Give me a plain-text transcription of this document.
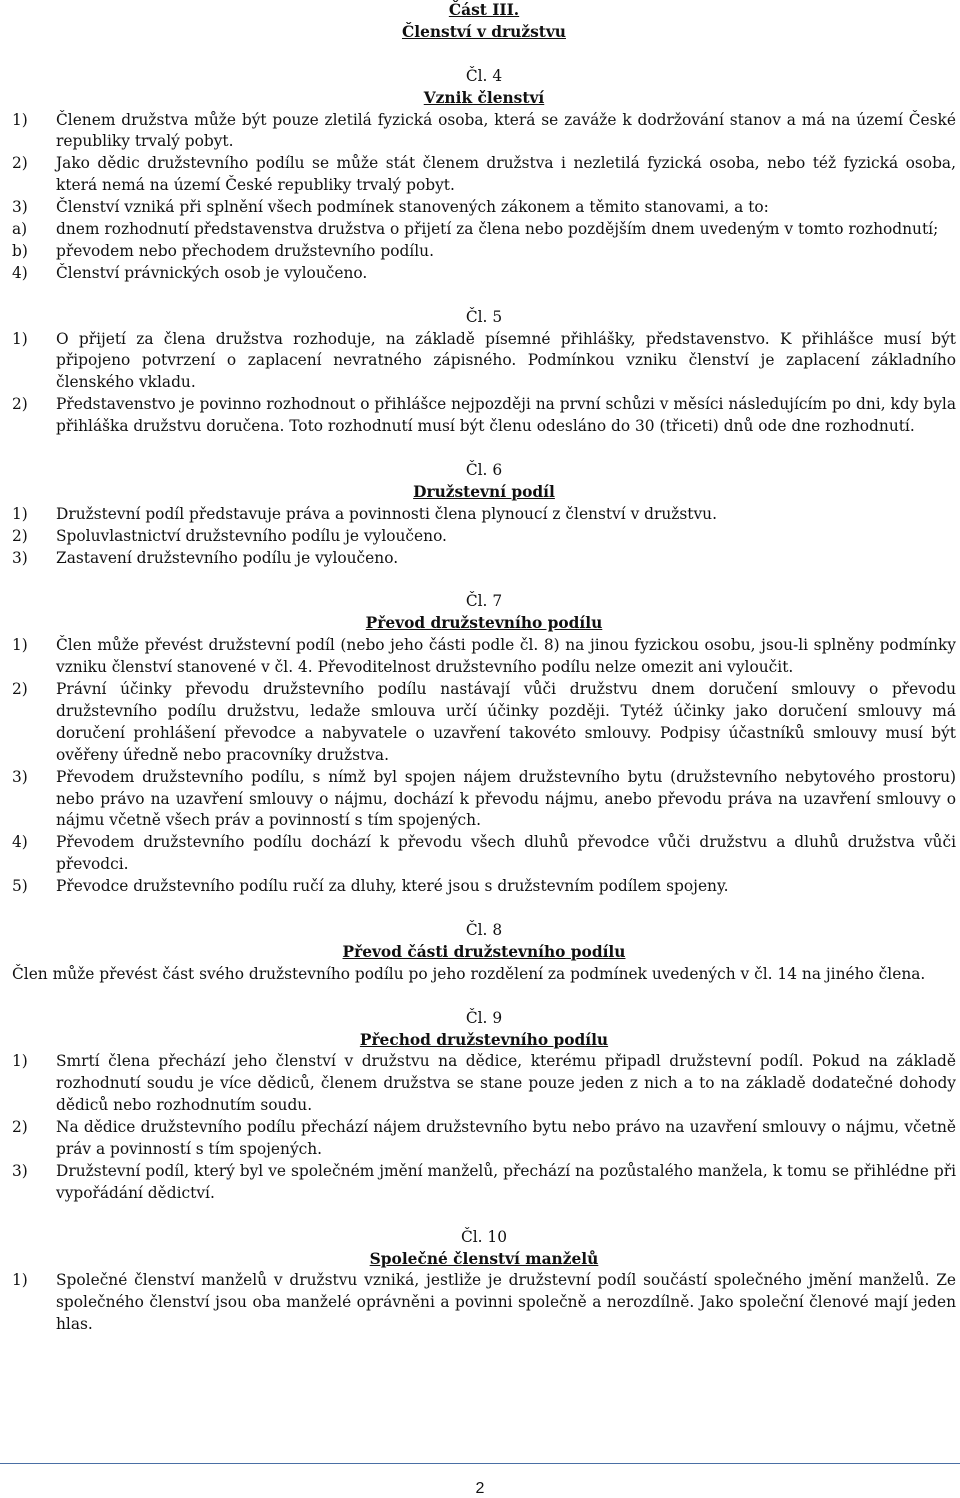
Část III.
Členství v družstvu
Čl. 4
Vznik členství
1) Členem družstva může být pouze zletilá fyzická osoba, která se zaváže k dodržování stanov a má na území České republiky trvalý pobyt.
2) Jako dědic družstevního podílu se může stát členem družstva i nezletilá fyzická osoba, nebo též fyzická osoba, která nemá na území České republiky trvalý pobyt.
3) Členství vzniká při splnění všech podmínek stanovených zákonem a těmito stanovami, a to:
a) dnem rozhodnutí představenstva družstva o přijetí za člena nebo pozdějším dnem uvedeným v tomto rozhodnutí;
b) převodem nebo přechodem družstevního podílu.
4) Členství právnických osob je vyloučeno.
Čl. 5
1) O přijetí za člena družstva rozhoduje, na základě písemné přihlášky, představenstvo. K přihlášce musí být připojeno potvrzení o zaplacení nevratného zápisného. Podmínkou vzniku členství je zaplacení základního členského vkladu.
2) Představenstvo je povinno rozhodnout o přihlášce nejpozději na první schůzi v měsíci následujícím po dni, kdy byla přihláška družstvu doručena. Toto rozhodnutí musí být členu odesláno do 30 (třiceti) dnů ode dne rozhodnutí.
Čl. 6
Družstevní podíl
1) Družstevní podíl představuje práva a povinnosti člena plynoucí z členství v družstvu.
2) Spoluvlastnictví družstevního podílu je vyloučeno.
3) Zastavení družstevního podílu je vyloučeno.
Čl. 7
Převod družstevního podílu
1) Člen může převést družstevní podíl (nebo jeho části podle čl. 8) na jinou fyzickou osobu, jsou-li splněny podmínky vzniku členství stanovené v čl. 4. Převoditelnost družstevního podílu nelze omezit ani vyloučit.
2) Právní účinky převodu družstevního podílu nastávají vůči družstvu dnem doručení smlouvy o převodu družstevního podílu družstvu, ledaže smlouva určí účinky později. Tytéž účinky jako doručení smlouvy má doručení prohlášení převodce a nabyvatele o uzavření takovéto smlouvy. Podpisy účastníků smlouvy musí být ověřeny úředně nebo pracovníky družstva.
3) Převodem družstevního podílu, s nímž byl spojen nájem družstevního bytu (družstevního nebytového prostoru) nebo právo na uzavření smlouvy o nájmu, dochází k převodu nájmu, anebo převodu práva na uzavření smlouvy o nájmu včetně všech práv a povinností s tím spojených.
4) Převodem družstevního podílu dochází k převodu všech dluhů převodce vůči družstvu a dluhů družstva vůči převodci.
5) Převodce družstevního podílu ručí za dluhy, které jsou s družstevním podílem spojeny.
Čl. 8
Převod části družstevního podílu
Člen může převést část svého družstevního podílu po jeho rozdělení za podmínek uvedených v čl. 14 na jiného člena.
Čl. 9
Přechod družstevního podílu
1) Smrtí člena přechází jeho členství v družstvu na dědice, kterému připadl družstevní podíl. Pokud na základě rozhodnutí soudu je více dědiců, členem družstva se stane pouze jeden z nich a to na základě dodatečné dohody dědiců nebo rozhodnutím soudu.
2) Na dědice družstevního podílu přechází nájem družstevního bytu nebo právo na uzavření smlouvy o nájmu, včetně práv a povinností s tím spojených.
3) Družstevní podíl, který byl ve společném jmění manželů, přechází na pozůstalého manžela, k tomu se přihlédne při vypořádání dědictví.
Čl. 10
Společné členství manželů
1) Společné členství manželů v družstvu vzniká, jestliže je družstevní podíl součástí společného jmění manželů. Ze společného členství jsou oba manželé oprávněni a povinni společně a nerozdílně. Jako společní členové mají jeden hlas.
2
